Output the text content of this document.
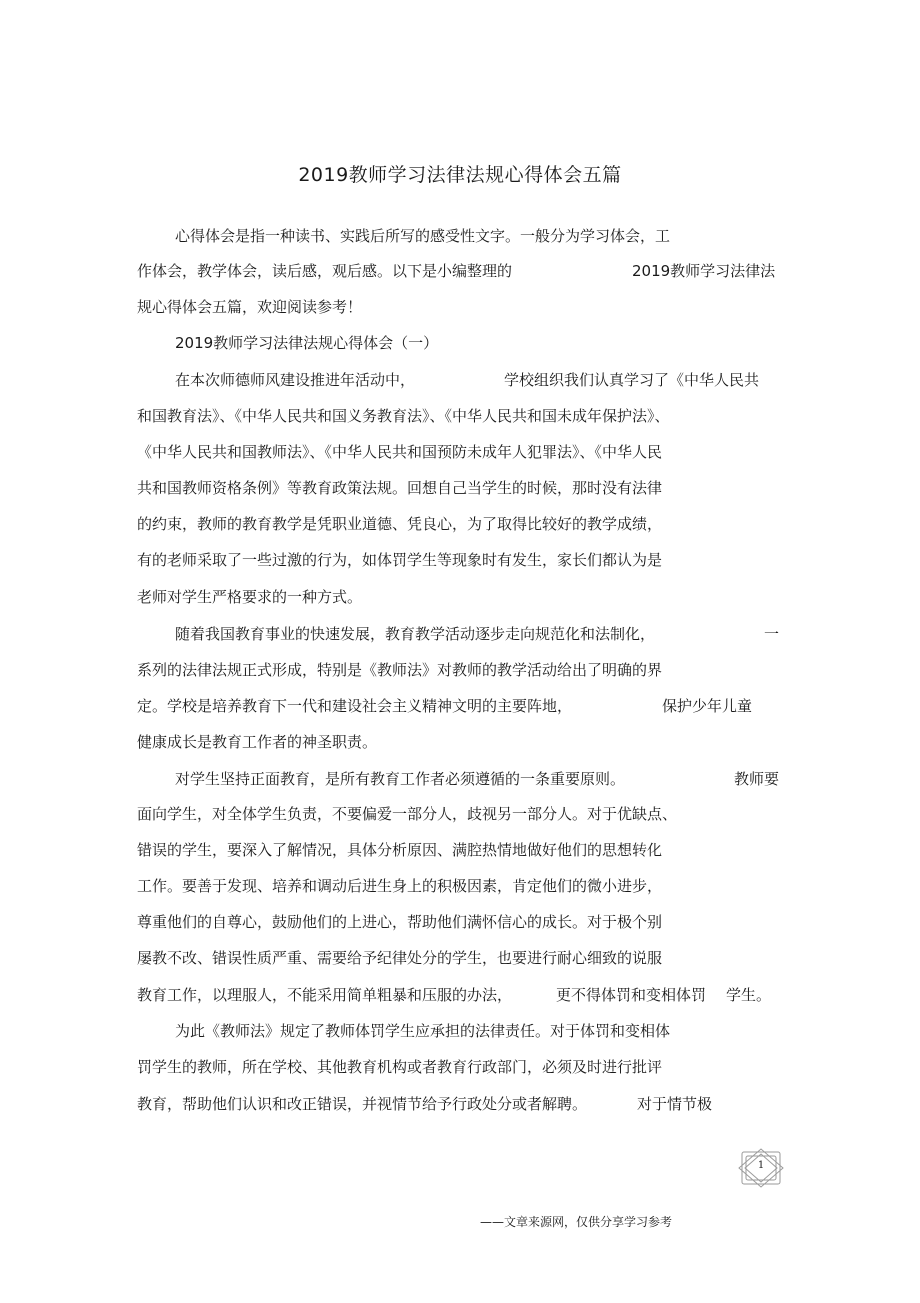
2019教师学习法律法规心得体会五篇
心得体会是指一种读书、实践后所写的感受性文字。一般分为学习体会，工
作体会，教学体会，读后感，观后感。以下是小编整理的	2019教师学习法律法
规心得体会五篇，欢迎阅读参考！
2019教师学习法律法规心得体会（一）
在本次师德师风建设推进年活动中，	学校组织我们认真学习了《中华人民共
和国教育法》、《中华人民共和国义务教育法》、《中华人民共和国未成年保护法》、
《中华人民共和国教师法》、《中华人民共和国预防未成年人犯罪法》、《中华人民
共和国教师资格条例》等教育政策法规。回想自己当学生的时候，那时没有法律
的约束，教师的教育教学是凭职业道德、凭良心，为了取得比较好的教学成绩，
有的老师采取了一些过激的行为，如体罚学生等现象时有发生，家长们都认为是
老师对学生严格要求的一种方式。
随着我国教育事业的快速发展，教育教学活动逐步走向规范化和法制化，	一
系列的法律法规正式形成，特别是《教师法》对教师的教学活动给出了明确的界
定。学校是培养教育下一代和建设社会主义精神文明的主要阵地，	保护少年儿童
健康成长是教育工作者的神圣职责。
对学生坚持正面教育，是所有教育工作者必须遵循的一条重要原则。	教师要
面向学生，对全体学生负责，不要偏爱一部分人，歧视另一部分人。对于优缺点、
错误的学生，要深入了解情况，具体分析原因、满腔热情地做好他们的思想转化
工作。要善于发现、培养和调动后进生身上的积极因素，肯定他们的微小进步，
尊重他们的自尊心，鼓励他们的上进心，帮助他们满怀信心的成长。对于极个别
屡教不改、错误性质严重、需要给予纪律处分的学生，也要进行耐心细致的说服
教育工作，以理服人，不能采用简单粗暴和压服的办法，	更不得体罚和变相体罚 学生。
为此《教师法》规定了教师体罚学生应承担的法律责任。对于体罚和变相体
罚学生的教师，所在学校、其他教育机构或者教育行政部门，必须及时进行批评
教育，帮助他们认识和改正错误，并视情节给予行政处分或者解聘。	对于情节极
1
——文章来源网，仅供分享学习参考
